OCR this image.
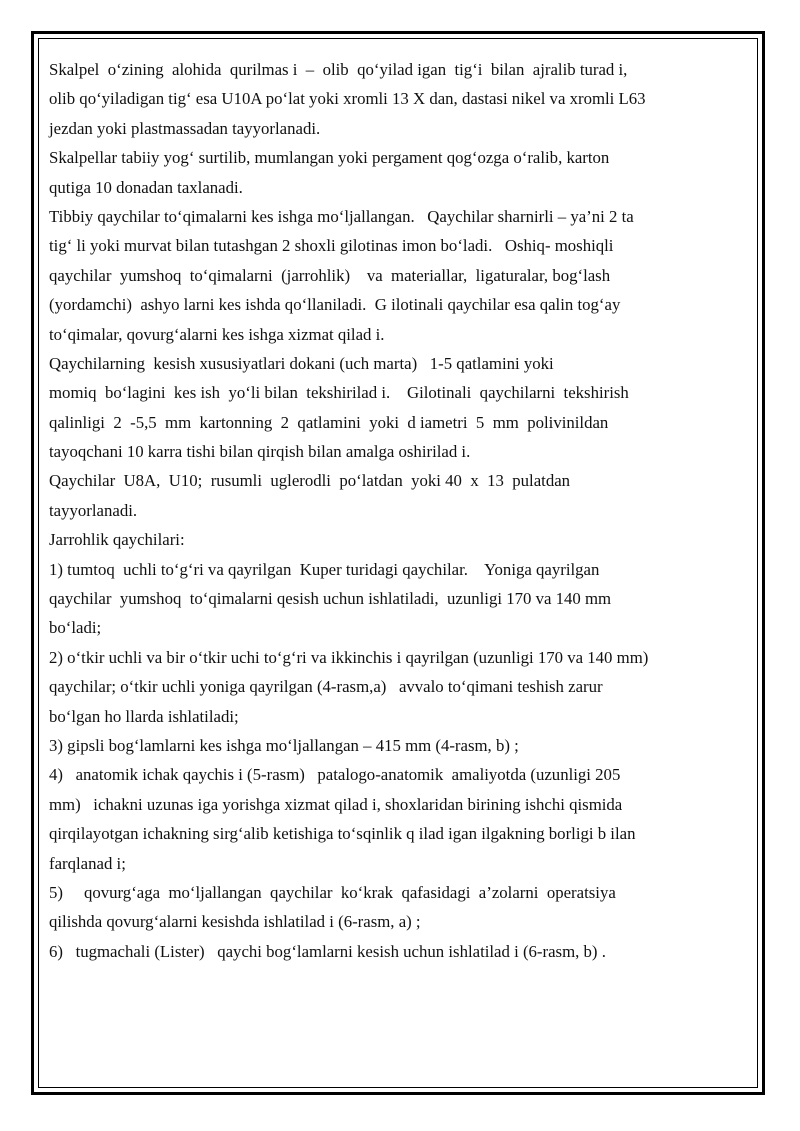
Skalpel  o‘zining  alohida  qurilmas i  –  olib  qo‘yilad igan  tig‘i  bilan  ajralib turad i,
olib qo‘yiladigan tig‘ esa U10A po‘lat yoki xromli 13 X dan, dastasi nikel va xromli L63
jezdan yoki plastmassadan tayyorlanadi.
Skalpellar tabiiy yog‘ surtilib, mumlangan yoki pergament qog‘ozga o‘ralib, karton
qutiga 10 donadan taxlanadi.
Tibbiy qaychilar to‘qimalarni kes ishga mo‘ljallangan.   Qaychilar sharnirli – ya’ni 2 ta
tig‘ li yoki murvat bilan tutashgan 2 shoxli gilotinas imon bo‘ladi.   Oshiq- moshiqli
qaychilar  yumshoq  to‘qimalarni  (jarrohlik)    va  materiallar,  ligaturalar, bog‘lash
(yordamchi)  ashyo larni kes ishda qo‘llaniladi.  G ilotinali qaychilar esa qalin tog‘ay
to‘qimalar, qovurg‘alarni kes ishga xizmat qilad i.
Qaychilarning  kesish xususiyatlari dokani (uch marta)   1-5 qatlamini yoki
momiq  bo‘lagini  kes ish  yo‘li bilan  tekshirilad i.    Gilotinali  qaychilarni  tekshirish
qalinligi  2  -5,5  mm  kartonning  2  qatlamini  yoki  d iametri  5  mm  polivinildan
tayoqchani 10 karra tishi bilan qirqish bilan amalga oshirilad i.
Qaychilar  U8A,  U10;  rusumli  uglerodli  po‘latdan  yoki 40  x  13  pulatdan
tayyorlanadi.
Jarrohlik qaychilari:
1) tumtoq  uchli to‘g‘ri va qayrilgan  Kuper turidagi qaychilar.    Yoniga qayrilgan
qaychilar  yumshoq  to‘qimalarni qesish uchun ishlatiladi,  uzunligi 170 va 140 mm
bo‘ladi;
2) o‘tkir uchli va bir o‘tkir uchi to‘g‘ri va ikkinchis i qayrilgan (uzunligi 170 va 140 mm)
qaychilar; o‘tkir uchli yoniga qayrilgan (4-rasm,a)   avvalo to‘qimani teshish zarur
bo‘lgan ho llarda ishlatiladi;
3) gipsli bog‘lamlarni kes ishga mo‘ljallangan – 415 mm (4-rasm, b) ;
4)   anatomik ichak qaychis i (5-rasm)   patalogo-anatomik  amaliyotda (uzunligi 205
mm)   ichakni uzunas iga yorishga xizmat qilad i, shoxlaridan birining ishchi qismida
qirqilayotgan ichakning sirg‘alib ketishiga to‘sqinlik q ilad igan ilgakning borligi b ilan
farqlanad i;
5)     qovurg‘aga  mo‘ljallangan  qaychilar  ko‘krak  qafasidagi  a’zolarni  operatsiya
qilishda qovurg‘alarni kesishda ishlatilad i (6-rasm, a) ;
6)   tugmachali (Lister)   qaychi bog‘lamlarni kesish uchun ishlatilad i (6-rasm, b) .
